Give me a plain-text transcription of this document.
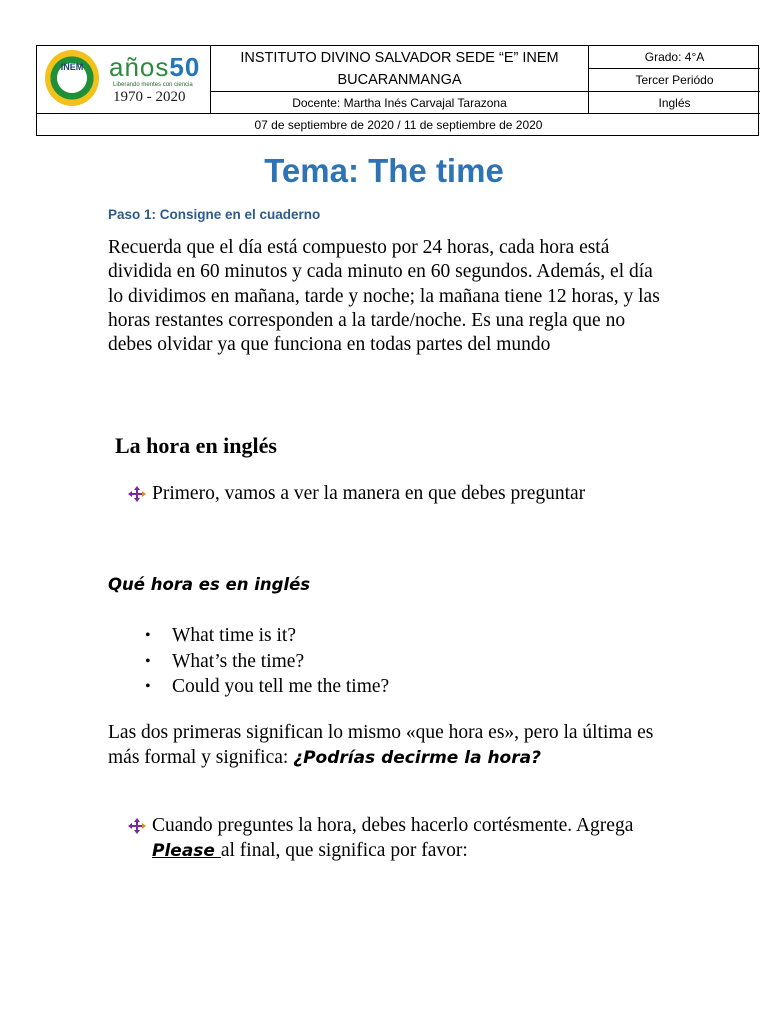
INEM años50
Liberando mentes con ciencia
1970 - 2020
INSTITUTO DIVINO SALVADOR SEDE “E” INEM
BUCARANMANGA
Grado: 4°A
Tercer Periódo
Docente: Martha Inés Carvajal Tarazona	Inglés
07 de septiembre de 2020 / 11 de septiembre de 2020
Tema: The time
Paso 1: Consigne en el cuaderno
Recuerda que el día está compuesto por 24 horas, cada hora está dividida en 60 minutos y cada minuto en 60 segundos. Además, el día lo dividimos en mañana, tarde y noche; la mañana tiene 12 horas, y las horas restantes corresponden a la tarde/noche. Es una regla que no debes olvidar ya que funciona en todas partes del mundo
La hora en inglés
Primero, vamos a ver la manera en que debes preguntar
Qué hora es en inglés
• What time is it?
• What’s the time?
• Could you tell me the time?
Las dos primeras significan lo mismo «que hora es», pero la última es más formal y significa: ¿Podrías decirme la hora?
Cuando preguntes la hora, debes hacerlo cortésmente. Agrega Please al final, que significa por favor:
